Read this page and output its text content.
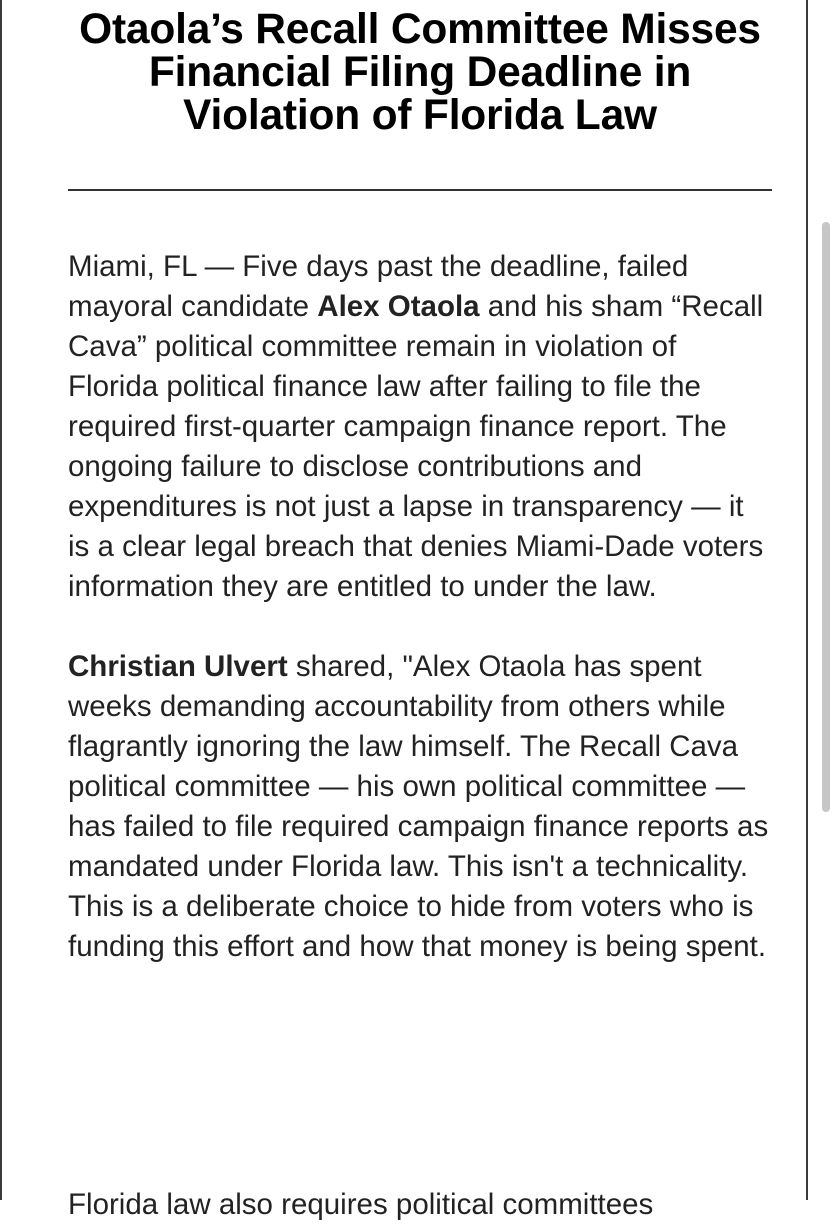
Otaola’s Recall Committee Misses Financial Filing Deadline in Violation of Florida Law

Miami, FL — Five days past the deadline, failed mayoral candidate Alex Otaola and his sham “Recall Cava” political committee remain in violation of Florida political finance law after failing to file the required first-quarter campaign finance report. The ongoing failure to disclose contributions and expenditures is not just a lapse in transparency — it is a clear legal breach that denies Miami-Dade voters information they are entitled to under the law.

Christian Ulvert shared, "Alex Otaola has spent weeks demanding accountability from others while flagrantly ignoring the law himself. The Recall Cava political committee — his own political committee — has failed to file required campaign finance reports as mandated under Florida law. This isn't a technicality. This is a deliberate choice to hide from voters who is funding this effort and how that money is being spent.

Florida law also requires political committees
